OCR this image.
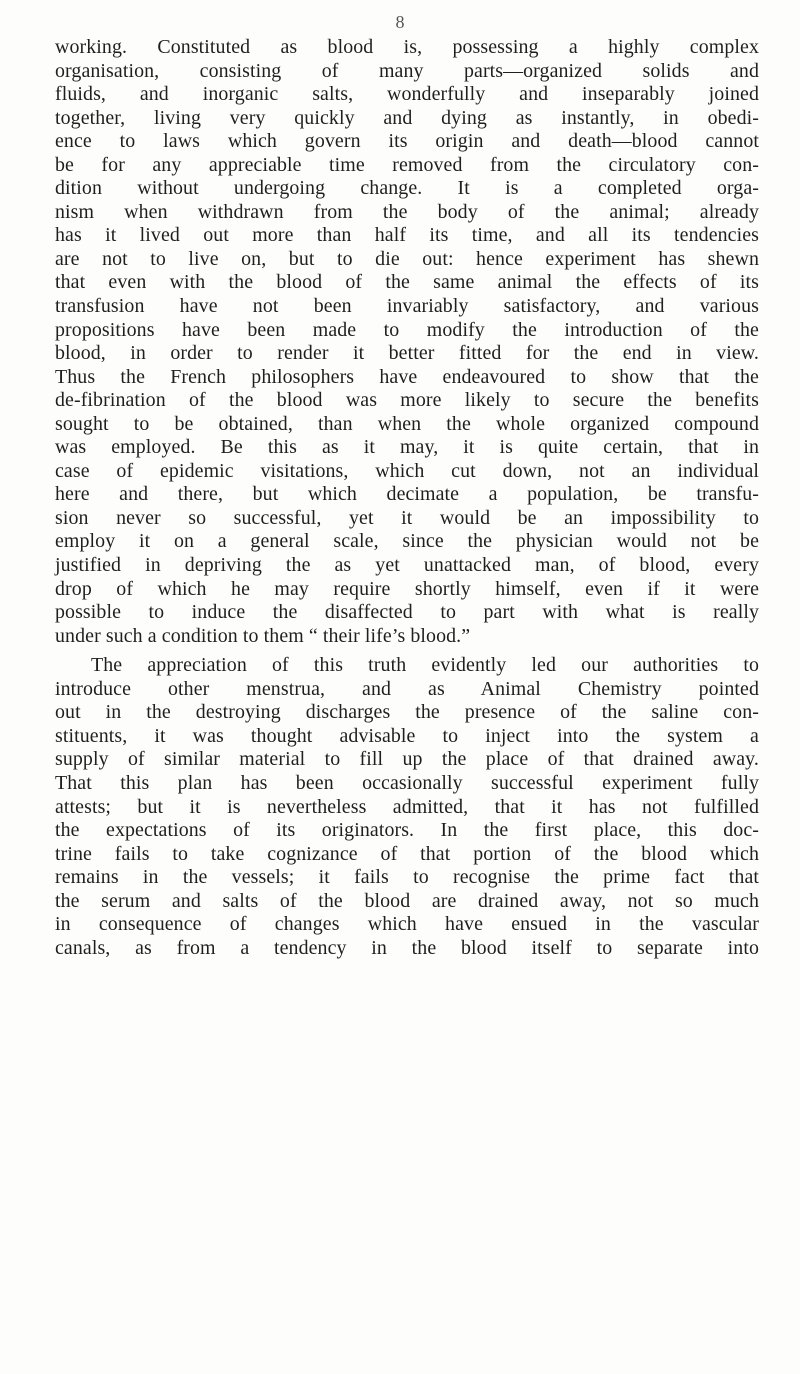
8
working. Constituted as blood is, possessing a highly complex
organisation, consisting of many parts—organized solids and
fluids, and inorganic salts, wonderfully and inseparably joined
together, living very quickly and dying as instantly, in obedi-
ence to laws which govern its origin and death—blood cannot
be for any appreciable time removed from the circulatory con-
dition without undergoing change. It is a completed orga-
nism when withdrawn from the body of the animal; already
has it lived out more than half its time, and all its tendencies
are not to live on, but to die out: hence experiment has shewn
that even with the blood of the same animal the effects of its
transfusion have not been invariably satisfactory, and various
propositions have been made to modify the introduction of the
blood, in order to render it better fitted for the end in view.
Thus the French philosophers have endeavoured to show that the
de-fibrination of the blood was more likely to secure the benefits
sought to be obtained, than when the whole organized compound
was employed. Be this as it may, it is quite certain, that in
case of epidemic visitations, which cut down, not an individual
here and there, but which decimate a population, be transfu-
sion never so successful, yet it would be an impossibility to
employ it on a general scale, since the physician would not be
justified in depriving the as yet unattacked man, of blood, every
drop of which he may require shortly himself, even if it were
possible to induce the disaffected to part with what is really
under such a condition to them “ their life’s blood.”
The appreciation of this truth evidently led our authorities to
introduce other menstrua, and as Animal Chemistry pointed
out in the destroying discharges the presence of the saline con-
stituents, it was thought advisable to inject into the system a
supply of similar material to fill up the place of that drained away.
That this plan has been occasionally successful experiment fully
attests; but it is nevertheless admitted, that it has not fulfilled
the expectations of its originators. In the first place, this doc-
trine fails to take cognizance of that portion of the blood which
remains in the vessels; it fails to recognise the prime fact that
the serum and salts of the blood are drained away, not so much
in consequence of changes which have ensued in the vascular
canals, as from a tendency in the blood itself to separate into
